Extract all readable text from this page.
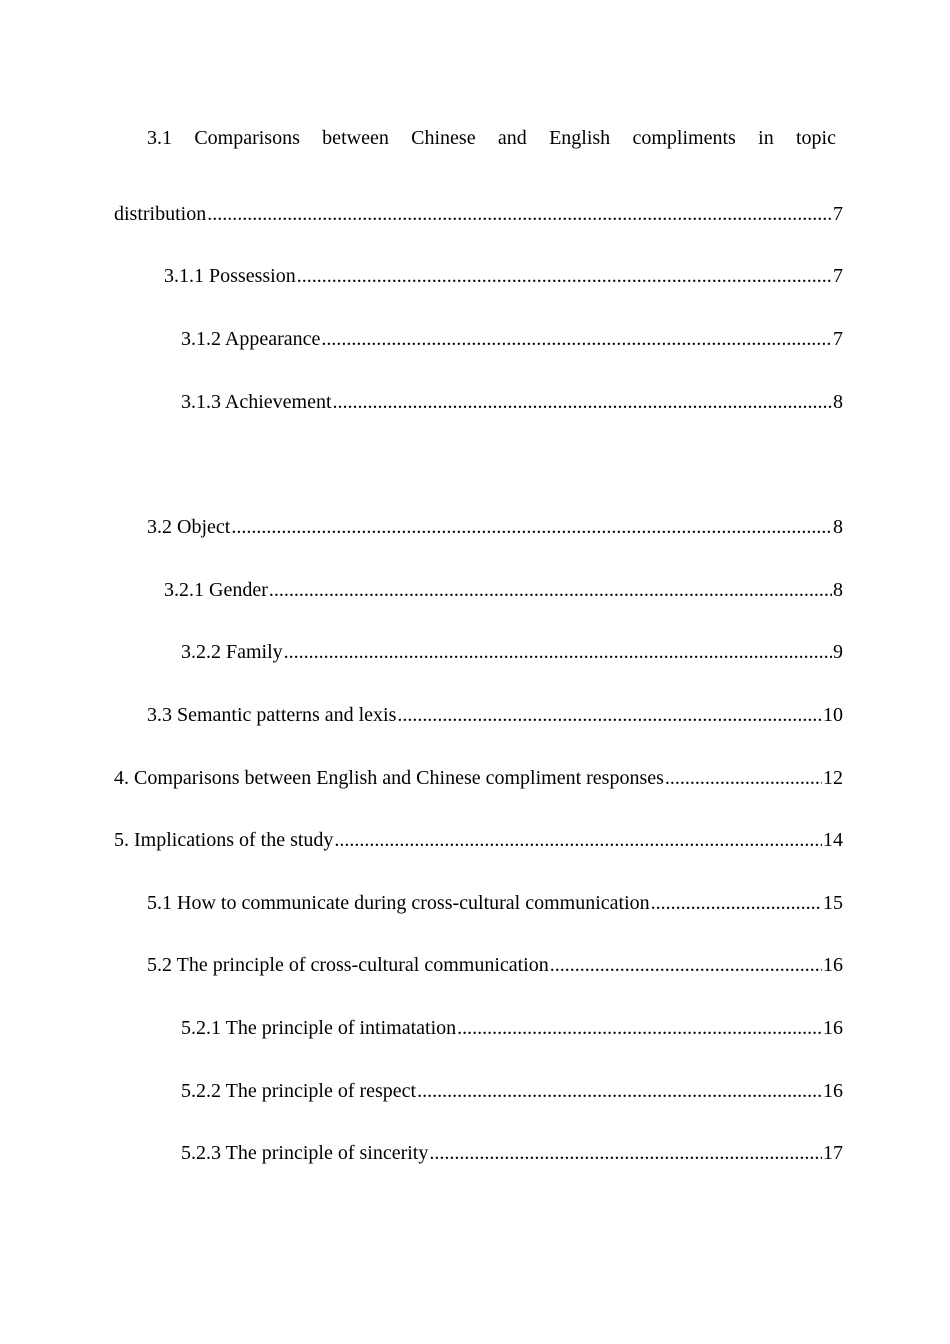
3.1 Comparisons between Chinese and English compliments in topic
distribution .....	7
3.1.1 Possession .....	7
3.1.2 Appearance .....	7
3.1.3 Achievement .....	8
3.2 Object .....	8
3.2.1 Gender .....	8
3.2.2 Family .....	9
3.3 Semantic patterns and lexis .....	10
4. Comparisons between English and Chinese compliment responses .....	12
5. Implications of the study .....	14
5.1 How to communicate during cross-cultural communication .....	15
5.2 The principle of cross-cultural communication .....	16
5.2.1 The principle of intimatation .....	16
5.2.2 The principle of respect .....	16
5.2.3 The principle of sincerity .....	17
